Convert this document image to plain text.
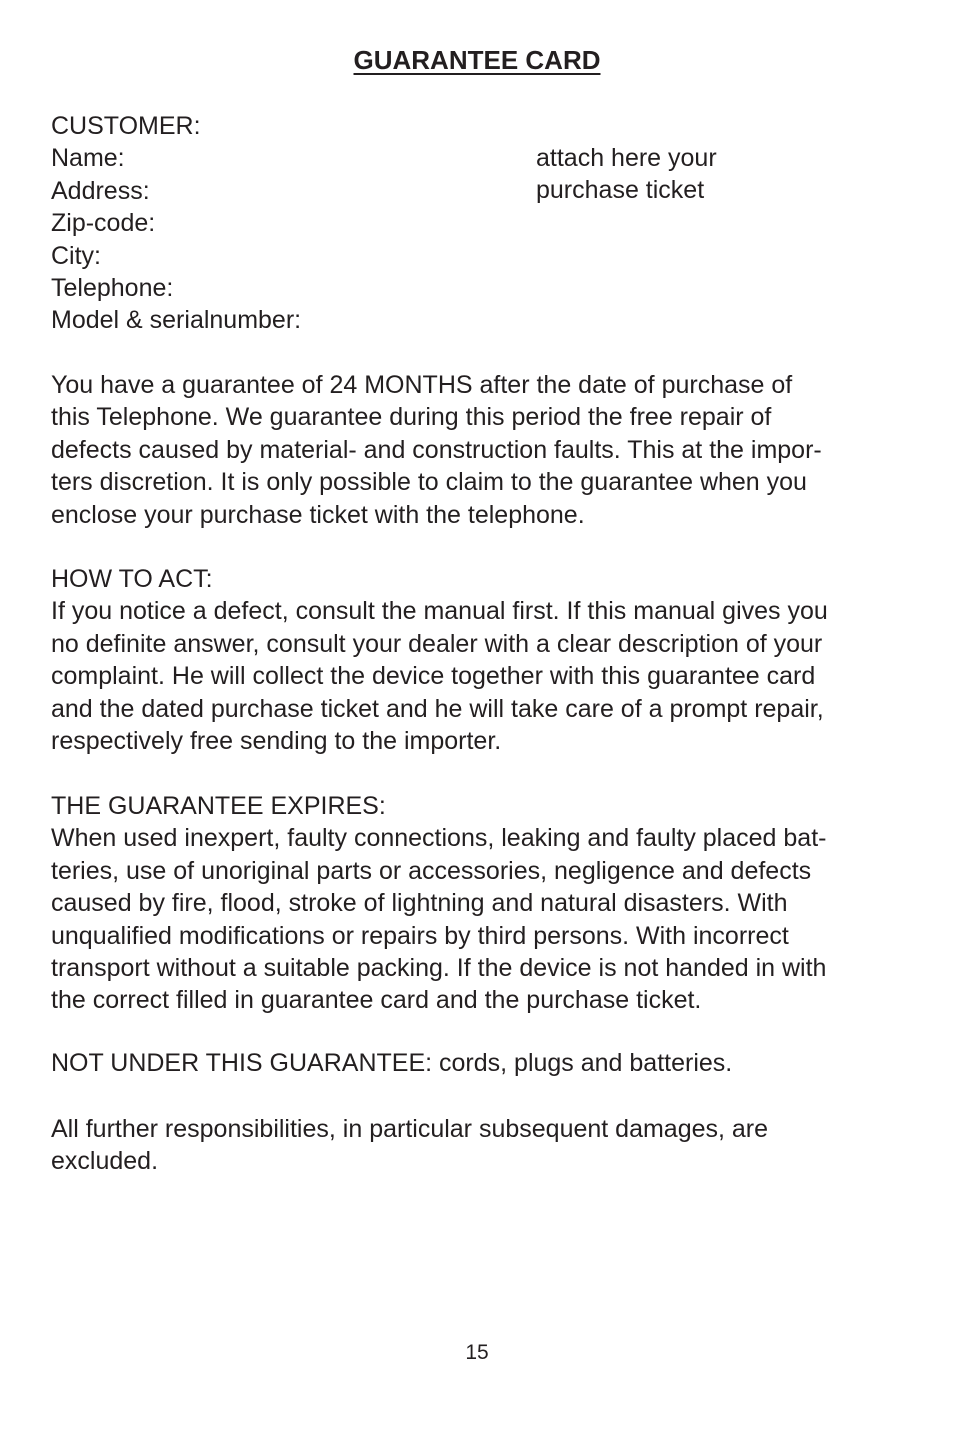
GUARANTEE CARD
CUSTOMER:
Name:
Address:
Zip-code:
City:
Telephone:
Model & serialnumber:
attach here your
purchase ticket
You have a guarantee of 24 MONTHS after the date of purchase of
this Telephone. We guarantee during this period the free repair of
defects caused by material- and construction faults. This at the impor-
ters discretion. It is only possible to claim to the guarantee when you
enclose your purchase ticket with the telephone.
HOW TO ACT:
If you notice a defect, consult the manual first. If this manual gives you
no definite answer, consult your dealer with a clear description of your
complaint. He will collect the device together with this guarantee card
and the dated purchase ticket and he will take care of a prompt repair,
respectively free sending to the importer.
THE GUARANTEE EXPIRES:
When used inexpert, faulty connections, leaking and faulty placed bat-
teries, use of unoriginal parts or accessories, negligence and defects
caused by fire, flood, stroke of lightning and natural disasters. With
unqualified modifications or repairs by third persons. With incorrect
transport without a suitable packing. If the device is not handed in with
the correct filled in guarantee card and the purchase ticket.
NOT UNDER THIS GUARANTEE: cords, plugs and batteries.
All further responsibilities, in particular subsequent damages, are
excluded.

15
